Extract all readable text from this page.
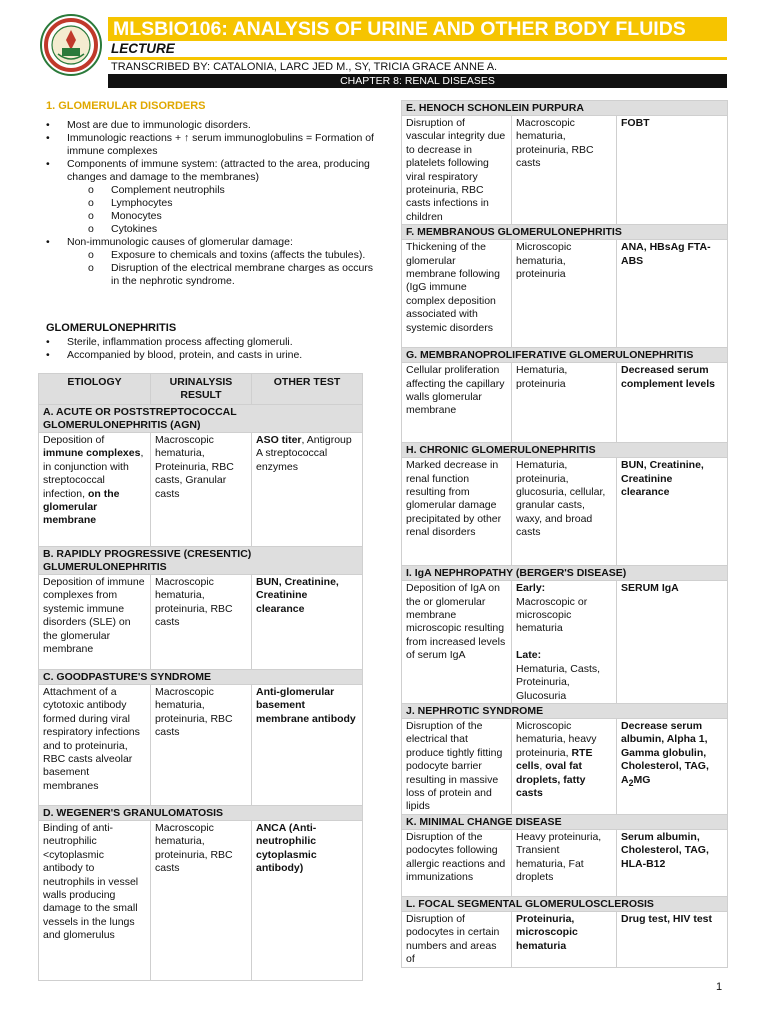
MLSBIO106: ANALYSIS OF URINE AND OTHER BODY FLUIDS
LECTURE
TRANSCRIBED BY: CATALONIA, LARC JED M., SY, TRICIA GRACE ANNE A.
CHAPTER 8: RENAL DISEASES
1. GLOMERULAR DISORDERS
•	Most are due to immunologic disorders.
•	Immunologic reactions + ↑ serum immunoglobulins = Formation of immune complexes
•	Components of immune system: (attracted to the area, producing changes and damage to the membranes)
o	Complement neutrophils
o	Lymphocytes
o	Monocytes
o	Cytokines
•	Non-immunologic causes of glomerular damage:
o	Exposure to chemicals and toxins (affects the tubules).
o	Disruption of the electrical membrane charges as occurs in the nephrotic syndrome.
GLOMERULONEPHRITIS
•	Sterile, inflammation process affecting glomeruli.
•	Accompanied by blood, protein, and casts in urine.
ETIOLOGY	URINALYSIS RESULT	OTHER TEST
A. ACUTE OR POSTSTREPTOCOCCAL GLOMERULONEPHRITIS (AGN)		
Deposition of immune complexes, in conjunction with streptococcal infection, on the glomerular membrane	Macroscopic hematuria, Proteinuria, RBC casts, Granular casts	ASO titer, Antigroup A streptococcal enzymes
B. RAPIDLY PROGRESSIVE (CRESENTIC) GLUMERULONEPHRITIS		
Deposition of immune complexes from systemic immune disorders (SLE) on the glomerular membrane	Macroscopic hematuria, proteinuria, RBC casts	BUN, Creatinine, Creatinine clearance
C. GOODPASTURE'S SYNDROME		
Attachment of a cytotoxic antibody formed during viral respiratory infections and to proteinuria, RBC casts alveolar basement membranes	Macroscopic hematuria, proteinuria, RBC casts	Anti-glomerular basement membrane antibody
D. WEGENER'S GRANULOMATOSIS		
Binding of anti-neutrophilic <cytoplasmic antibody to neutrophils in vessel walls producing damage to the small vessels in the lungs and glomerulus	Macroscopic hematuria, proteinuria, RBC casts	ANCA (Anti-neutrophilic cytoplasmic antibody)
E. HENOCH SCHONLEIN PURPURA		
Disruption of vascular integrity due to decrease in platelets following viral respiratory proteinuria, RBC casts infections in children	Macroscopic hematuria, proteinuria, RBC casts	FOBT
F. MEMBRANOUS GLOMERULONEPHRITIS		
Thickening of the glomerular membrane following (IgG immune complex deposition associated with systemic disorders	Microscopic hematuria, proteinuria	ANA, HBsAg FTA-ABS
G. MEMBRANOPROLIFERATIVE GLOMERULONEPHRITIS		
Cellular proliferation affecting the capillary walls glomerular membrane	Hematuria, proteinuria	Decreased serum complement levels
H. CHRONIC GLOMERULONEPHRITIS		
Marked decrease in renal function resulting from glomerular damage precipitated by other renal disorders	Hematuria, proteinuria, glucosuria, cellular, granular casts, waxy, and broad casts	BUN, Creatinine, Creatinine clearance
I. IgA NEPHROPATHY (BERGER'S DISEASE)		
Deposition of IgA on the or glomerular membrane microscopic resulting from increased levels of serum IgA	Early:
Macroscopic or microscopic hematuria

Late:
Hematuria, Casts, Proteinuria, Glucosuria	SERUM IgA
J. NEPHROTIC SYNDROME		
Disruption of the electrical that produce tightly fitting podocyte barrier resulting in massive loss of protein and lipids	Microscopic hematuria, heavy proteinuria, RTE cells, oval fat droplets, fatty casts	Decrease serum albumin, Alpha 1, Gamma globulin, Cholesterol, TAG, $A_2MG$
K. MINIMAL CHANGE DISEASE		
Disruption of the podocytes following allergic reactions and immunizations	Heavy proteinuria, Transient hematuria, Fat droplets	Serum albumin, Cholesterol, TAG, HLA-B12
L. FOCAL SEGMENTAL GLOMERULOSCLEROSIS		
Disruption of podocytes in certain numbers and areas of	Proteinuria, microscopic hematuria	Drug test, HIV test
1
